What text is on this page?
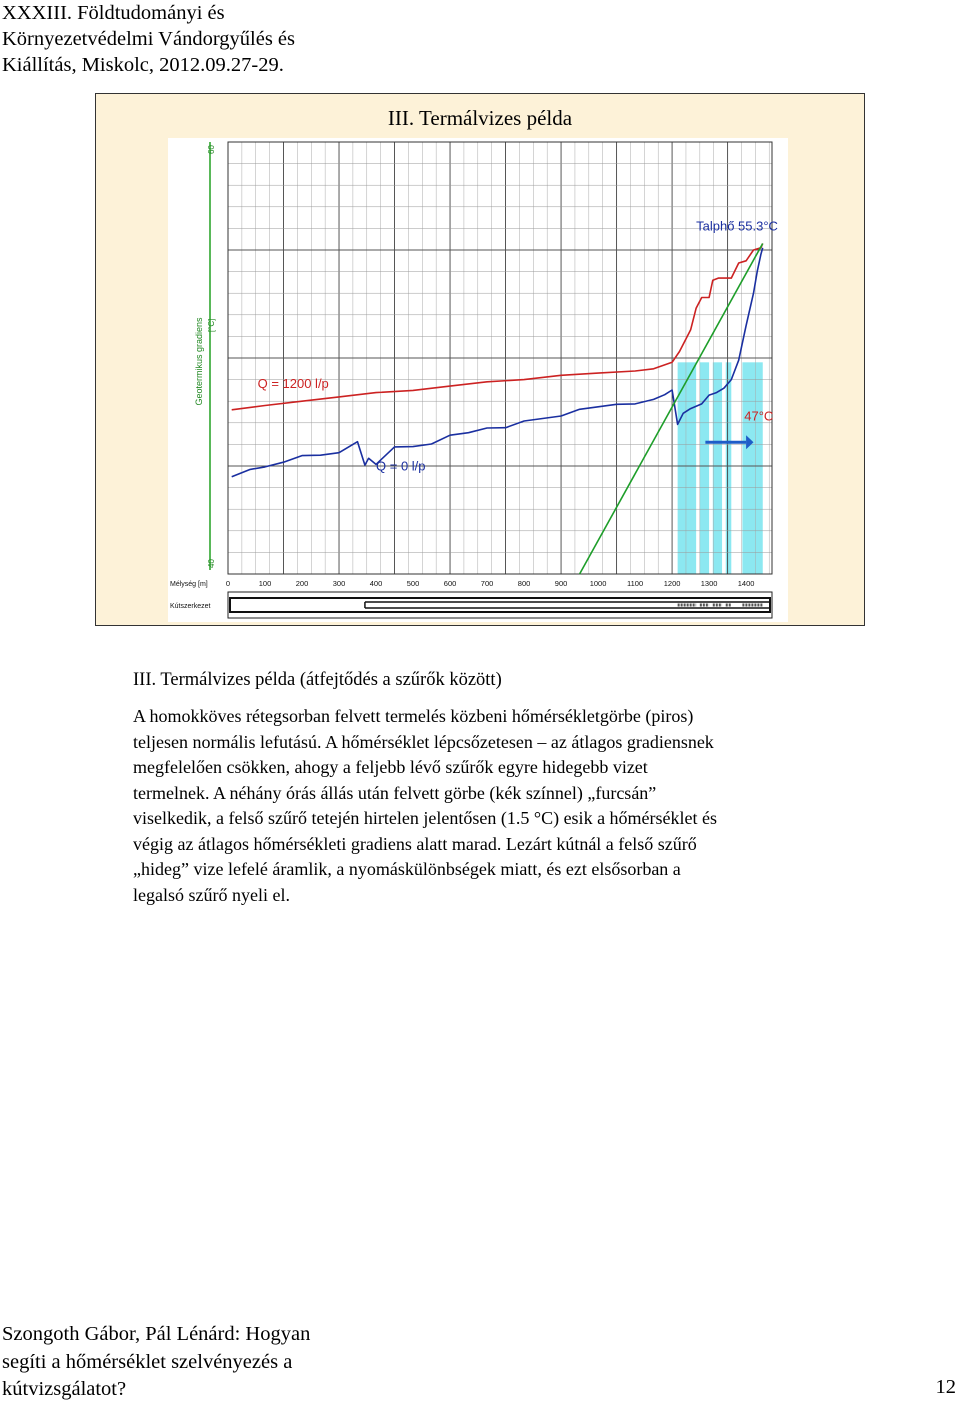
XXXIII. Földtudományi és
Környezetvédelmi Vándorgyűlés és
Kiállítás, Miskolc, 2012.09.27-29.
III. Termálvizes példa
60
40
Geotermikus gradiens [°C]
Q = 1200 l/p
Q = 0 l/p
Talphő 55.3°C
47°C
Mélység [m] 0	100	200	300	400	500	600	700	800	900	1000	1100	1200	1300	1400
Kútszerkezet
III. Termálvizes példa (átfejtődés a szűrők között)
A homokköves rétegsorban felvett termelés közbeni hőmérsékletgörbe (piros)
teljesen normális lefutású. A hőmérséklet lépcsőzetesen – az átlagos gradiensnek
megfelelően csökken, ahogy a feljebb lévő szűrők egyre hidegebb vizet
termelnek. A néhány órás állás után felvett görbe (kék színnel) „furcsán”
viselkedik, a felső szűrő tetején hirtelen jelentősen (1.5 °C) esik a hőmérséklet és
végig az átlagos hőmérsékleti gradiens alatt marad. Lezárt kútnál a felső szűrő
„hideg” vize lefelé áramlik, a nyomáskülönbségek miatt, és ezt elsősorban a
legalsó szűrő nyeli el.
Szongoth Gábor, Pál Lénárd: Hogyan
segíti a hőmérséklet szelvényezés a
kútvizsgálatot?	12
